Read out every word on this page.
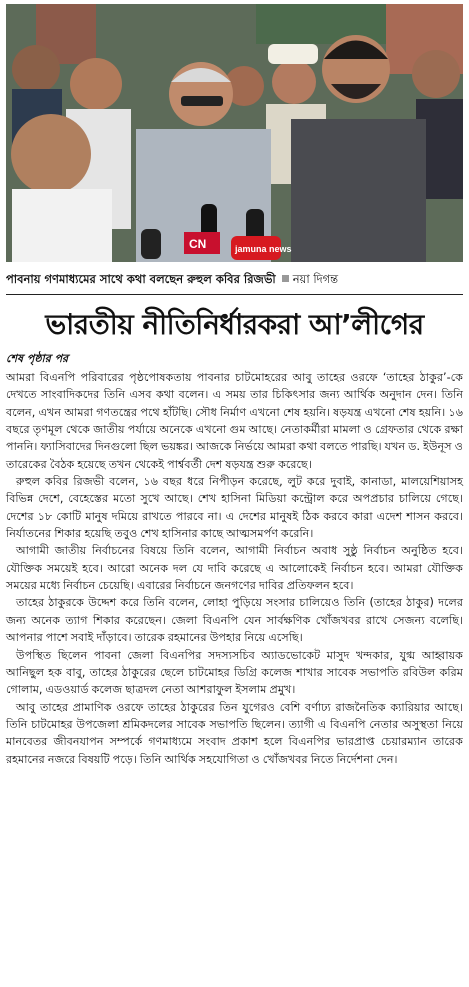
CN	jamuna news
পাবনায় গণমাধ্যমের সাথে কথা বলছেন রুহুল কবির রিজভী নয়া দিগন্ত
ভারতীয় নীতিনির্ধারকরা আ’লীগের
শেষ পৃষ্ঠার পর

আমরা বিএনপি পরিবারের পৃষ্ঠপোষকতায় পাবনার চাটমোহরের আবু তাহের ওরফে ‘তাহের ঠাকুর’-কে দেখতে সাংবাদিকদের তিনি এসব কথা বলেন। এ সময় তার চিকিৎসার জন্য আর্থিক অনুদান দেন। তিনি বলেন, এখন আমরা গণতন্ত্রের পথে হাঁটছি। সৌধ নির্মাণ এখনো শেষ হয়নি। ষড়যন্ত্র এখনো শেষ হয়নি। ১৬ বছরে তৃণমূল থেকে জাতীয় পর্যায়ে অনেকে এখনো গুম আছে। নেতাকর্মীরা মামলা ও গ্রেফতার থেকে রক্ষা পাননি। ফ্যাসিবাদের দিনগুলো ছিল ভয়ঙ্কর। আজকে নির্ভয়ে আমরা কথা বলতে পারছি। যখন ড. ইউনূস ও তারেকের বৈঠক হয়েছে তখন থেকেই পার্শ্ববর্তী দেশ ষড়যন্ত্র শুরু করেছে।

রুহুল কবির রিজভী বলেন, ১৬ বছর ধরে নিপীড়ন করেছে, লুট করে দুবাই, কানাডা, মালয়েশিয়াসহ বিভিন্ন দেশে, বেহেস্তের মতো সুখে আছে। শেখ হাসিনা মিডিয়া কন্ট্রোল করে অপপ্রচার চালিয়ে গেছে। দেশের ১৮ কোটি মানুষ দমিয়ে রাখতে পারবে না। এ দেশের মানুষই ঠিক করবে কারা এদেশ শাসন করবে। নির্যাতনের শিকার হয়েছি তবুও শেখ হাসিনার কাছে আত্মসমর্পণ করেনি।

আগামী জাতীয় নির্বাচনের বিষয়ে তিনি বলেন, আগামী নির্বাচন অবাধ সুষ্ঠু নির্বাচন অনুষ্ঠিত হবে। যৌক্তিক সময়েই হবে। আরো অনেক দল যে দাবি করেছে এ আলোকেই নির্বাচন হবে। আমরা যৌক্তিক সময়ের মধ্যে নির্বাচন চেয়েছি। এবারের নির্বাচনে জনগণের দাবির প্রতিফলন হবে।

তাহের ঠাকুরকে উদ্দেশ করে তিনি বলেন, লোহা পুড়িয়ে সংসার চালিয়েও তিনি (তাহের ঠাকুর) দলের জন্য অনেক ত্যাগ শিকার করেছেন। জেলা বিএনপি যেন সার্বক্ষণিক খোঁজখবর রাখে সেজন্য বলেছি। আপনার পাশে সবাই দাঁড়াবে। তারেক রহমানের উপহার নিয়ে এসেছি।

উপস্থিত ছিলেন পাবনা জেলা বিএনপির সদস্যসচিব অ্যাডভোকেট মাসুদ খন্দকার, যুগ্ম আহ্বায়ক আনিছুল হক বাবু, তাহের ঠাকুরের ছেলে চাটমোহর ডিগ্রি কলেজ শাখার সাবেক সভাপতি রবিউল করিম গোলাম, এডওয়ার্ড কলেজ ছাত্রদল নেতা আশরাফুল ইসলাম প্রমুখ।

আবু তাহের প্রামাণিক ওরফে তাহের ঠাকুরের তিন যুগেরও বেশি বর্ণাঢ্য রাজনৈতিক ক্যারিয়ার আছে। তিনি চাটমোহর উপজেলা শ্রমিকদলের সাবেক সভাপতি ছিলেন। ত্যাগী এ বিএনপি নেতার অসুস্থতা নিয়ে মানবেতর জীবনযাপন সম্পর্কে গণমাধ্যমে সংবাদ প্রকাশ হলে বিএনপির ভারপ্রাপ্ত চেয়ারম্যান তারেক রহমানের নজরে বিষয়টি পড়ে। তিনি আর্থিক সহযোগিতা ও খোঁজখবর নিতে নির্দেশনা দেন।
